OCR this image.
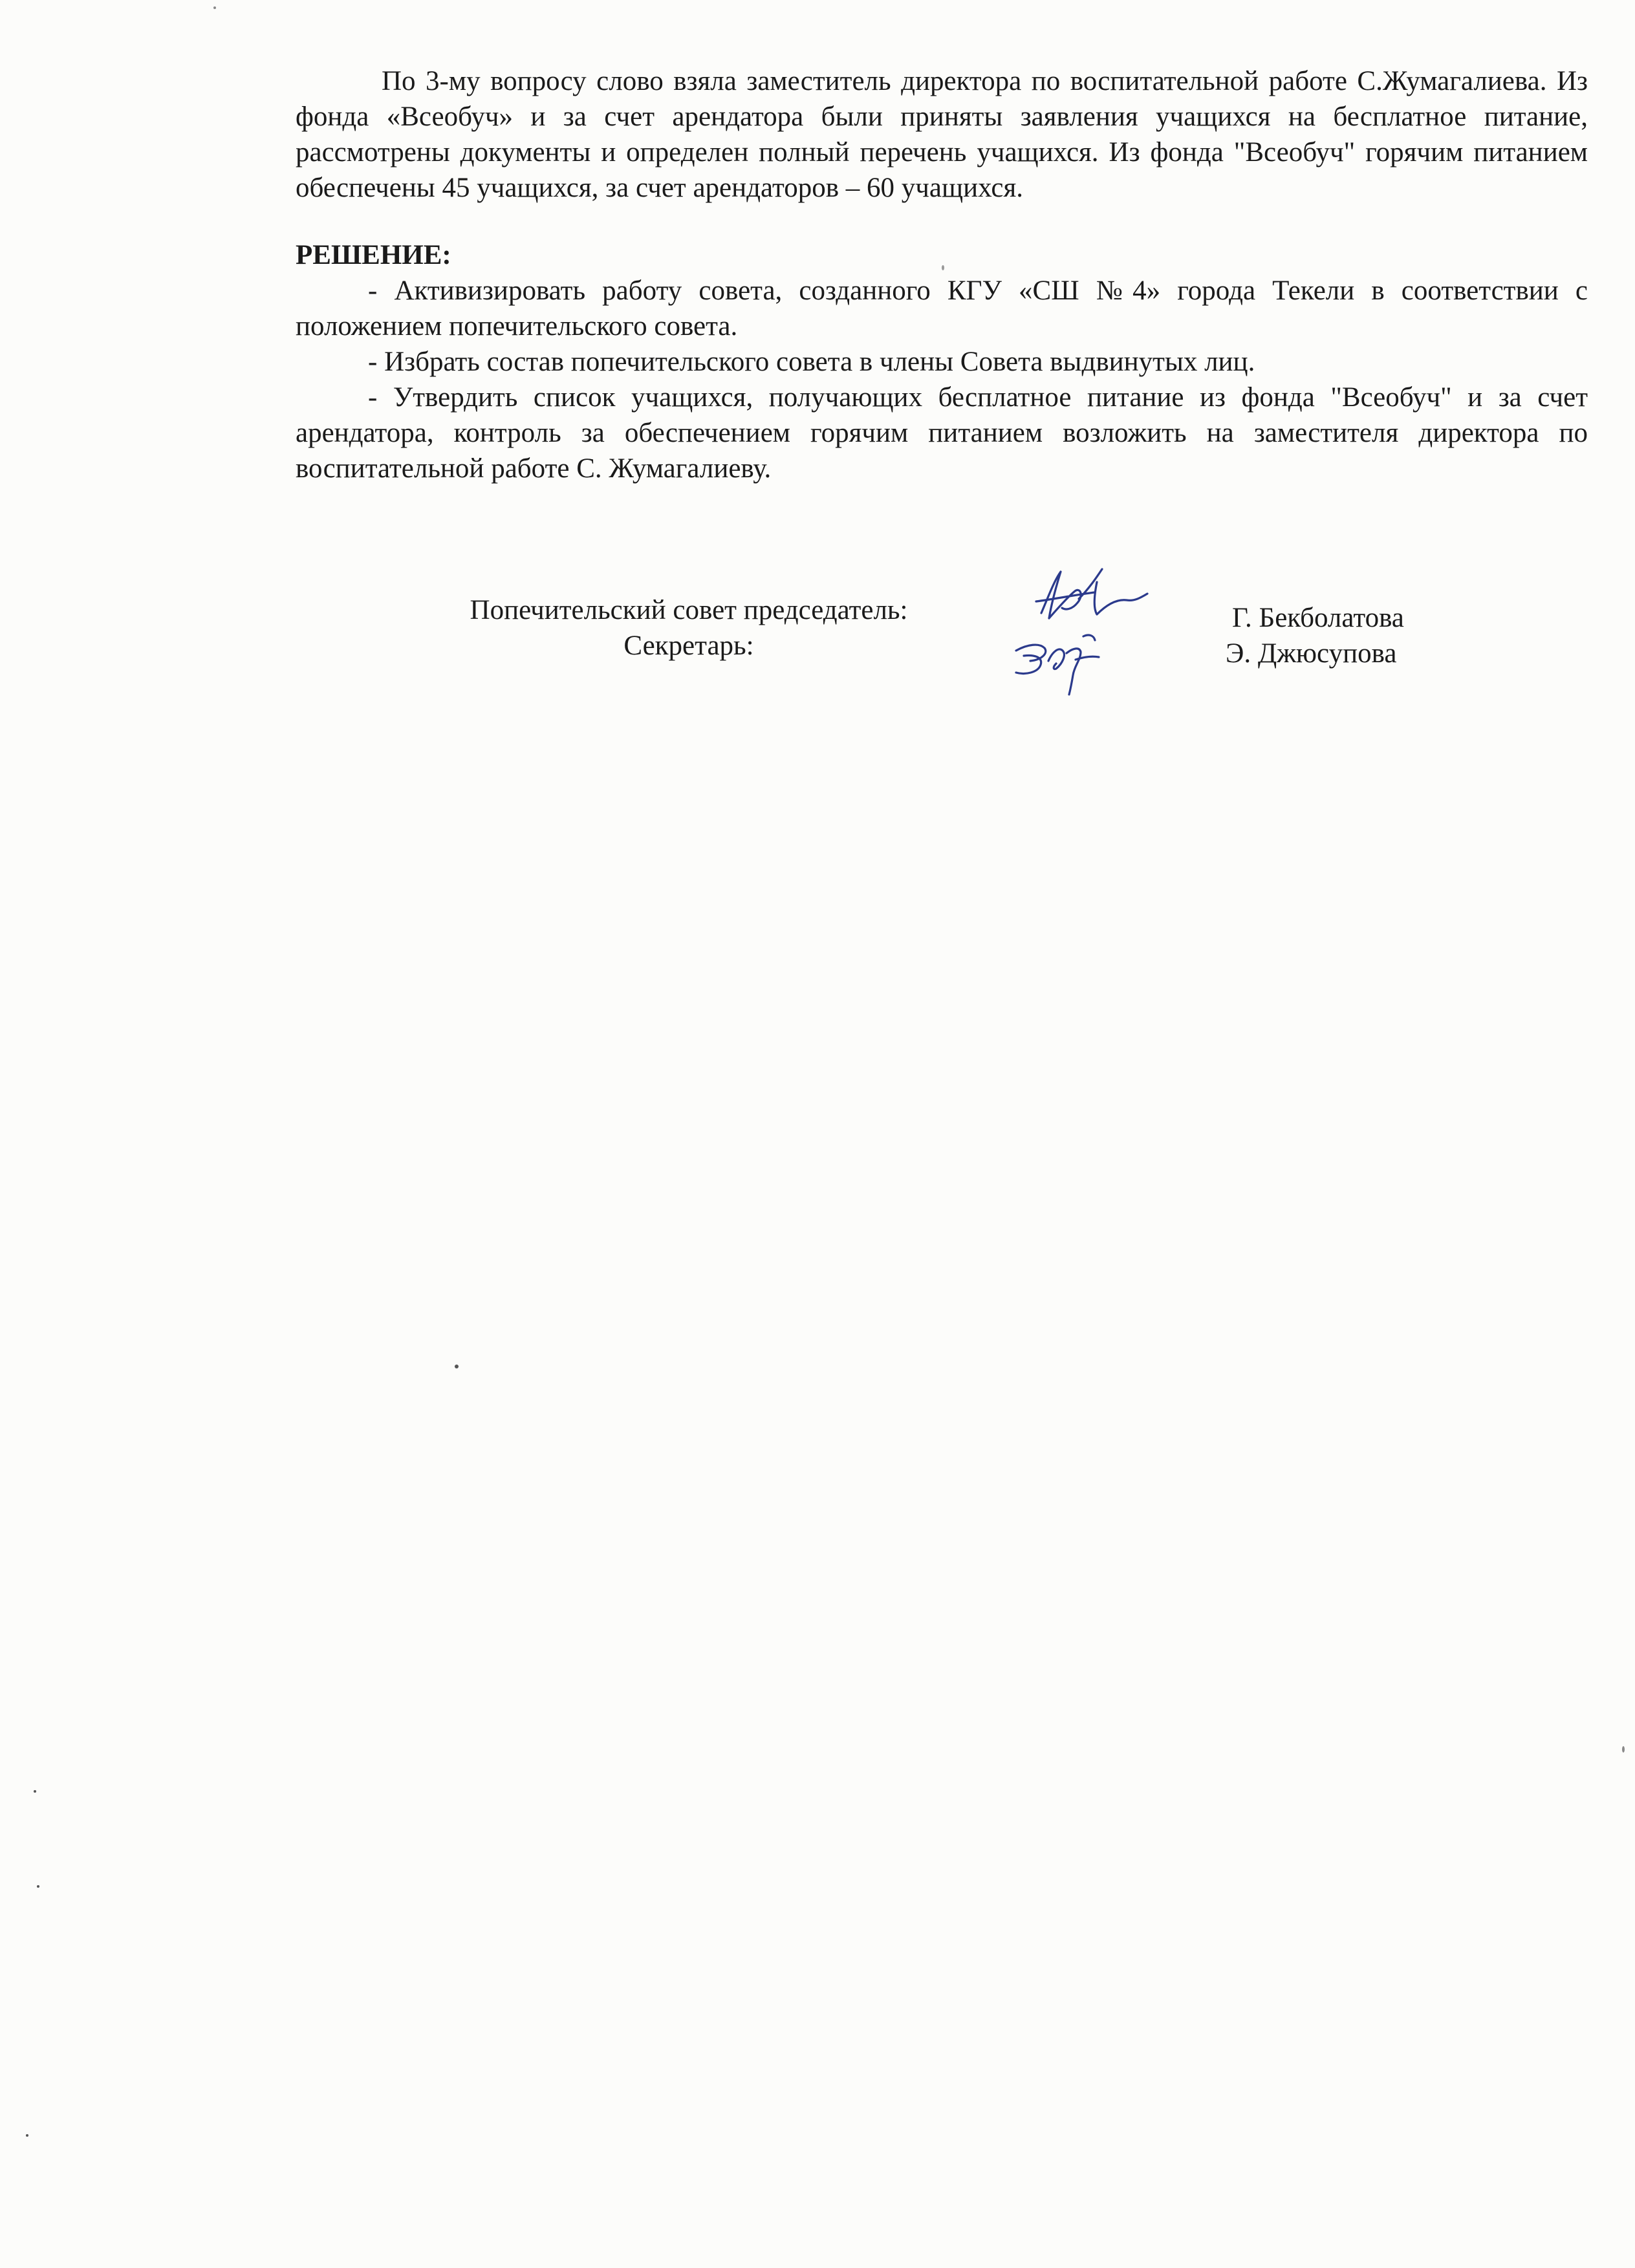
По 3-му вопросу слово взяла заместитель директора по воспитательной работе С.Жумагалиева. Из фонда «Всеобуч» и за счет арендатора были приняты заявления учащихся на бесплатное питание, рассмотрены документы и определен полный перечень учащихся. Из фонда "Всеобуч" горячим питанием обеспечены 45 учащихся, за счет арендаторов – 60 учащихся.

РЕШЕНИЕ:

- Активизировать работу совета, созданного КГУ «СШ №4» города Текели в соответствии с положением попечительского совета.

- Избрать состав попечительского совета в члены Совета выдвинутых лиц.

- Утвердить список учащихся, получающих бесплатное питание из фонда "Всеобуч" и за счет арендатора, контроль за обеспечением горячим питанием возложить на заместителя директора по воспитательной работе С. Жумагалиеву.

Попечительский совет председатель:
Секретарь:
Г. Бекболатова
Э. Джюсупова
